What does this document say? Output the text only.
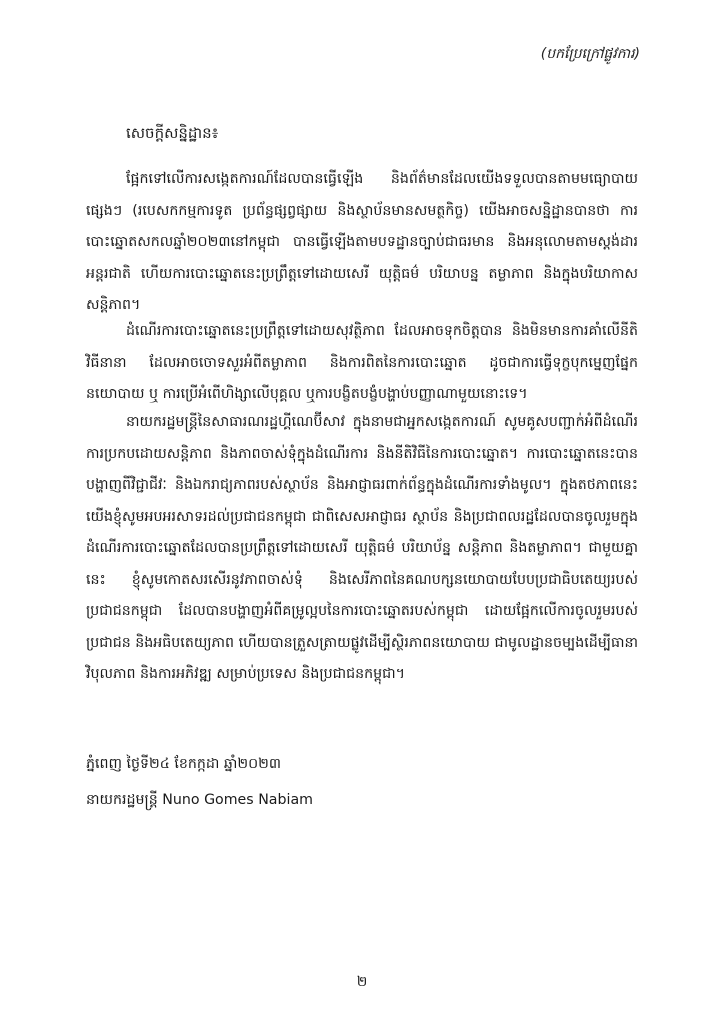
(បកប្រែក្រៅផ្លូវការ)
សេចក្តីសន្និដ្ឋាន៖

ផ្អែកទៅលើការសង្កេតការណ៍ដែលបានធ្វើឡើង និងព័ត៌មានដែលយើងទទួលបានតាមមធ្យោបាយផ្សេងៗ (របេសកកម្មការទូត ប្រព័ន្ធផ្សព្វផ្សាយ និងស្ថាប័នមានសមត្ថកិច្ច) យើងអាចសន្និដ្ឋានបានថា ការបោះឆ្នោតសកលឆ្នាំ២០២៣នៅកម្ពុជា បានធ្វើឡើងតាមបទដ្ឋានច្បាប់ជាធរមាន និងអនុលោមតាមស្តង់ដារអន្តរជាតិ ហើយការបោះឆ្នោតនេះប្រព្រឹត្តទៅដោយសេរី យុត្តិធម៌ បរិយាបន្ន តម្លាភាព និងក្នុងបរិយាកាសសន្តិភាព។

ដំណើរការបោះឆ្នោតនេះប្រព្រឹត្តទៅដោយសុវត្ថិភាព ដែលអាចទុកចិត្តបាន និងមិនមានការគាំលើនីតិវិធីនានា ដែលអាចចោទសួរអំពីតម្លាភាព និងការពិតនៃការបោះឆ្នោត ដូចជាការធ្វើទុក្ខបុកម្នេញផ្នែកនយោបាយ ឬ ការប្រើអំពើហិង្សាលើបុគ្គល ឬការបង្ខិតបង្ខំបង្ហាប់បញ្ញាណាមួយនោះទេ។

នាយករដ្ឋមន្ត្រីនៃសាធារណរដ្ឋហ្គីណេប៊ីសាវ ក្នុងនាមជាអ្នកសង្កេតការណ៍ សូមគូសបញ្ជាក់អំពីដំណើរការប្រកបដោយសន្តិភាព និងភាពចាស់ទុំក្នុងដំណើរការ និងនីតិវិធីនៃការបោះឆ្នោត។ ការបោះឆ្នោតនេះបានបង្ហាញពីវិជ្ជាជីវៈ និងឯករាជ្យភាពរបស់ស្ថាប័ន និងអាជ្ញាធរពាក់ព័ន្ធក្នុងដំណើរការទាំងមូល។ ក្នុងតថភាពនេះ យើងខ្ញុំសូមអបអរសាទរដល់ប្រជាជនកម្ពុជា ជាពិសេសអាជ្ញាធរ ស្ថាប័ន និងប្រជាពលរដ្ឋដែលបានចូលរួមក្នុងដំណើរការបោះឆ្នោតដែលបានប្រព្រឹត្តទៅដោយសេរី យុត្តិធម៌ បរិយាប័ន្ន សន្តិភាព និងតម្លាភាព។ ជាមួយគ្នានេះ ខ្ញុំសូមកោតសរសើរនូវភាពចាស់ទុំ និងសេរីភាពនៃគណបក្សនយោបាយបែបប្រជាធិបតេយ្យរបស់ប្រជាជនកម្ពុជា ដែលបានបង្ហាញអំពីគម្រូល្អបនៃការបោះឆ្នោតរបស់កម្ពុជា ដោយផ្អែកលើការចូលរួមរបស់ប្រជាជន និងអធិបតេយ្យភាព ហើយបានត្រួសត្រាយផ្លូវដើម្បីស្ថិរភាពនយោបាយ ជាមូលដ្ឋានចម្បងដើម្បីធានាវិបុលភាព និងការអភិវឌ្ឍ សម្រាប់ប្រទេស និងប្រជាជនកម្ពុជា។

ភ្នំពេញ ថ្ងៃទី២៤ ខែកក្កដា ឆ្នាំ២០២៣
នាយករដ្ឋមន្ត្រី Nuno Gomes Nabiam
២
